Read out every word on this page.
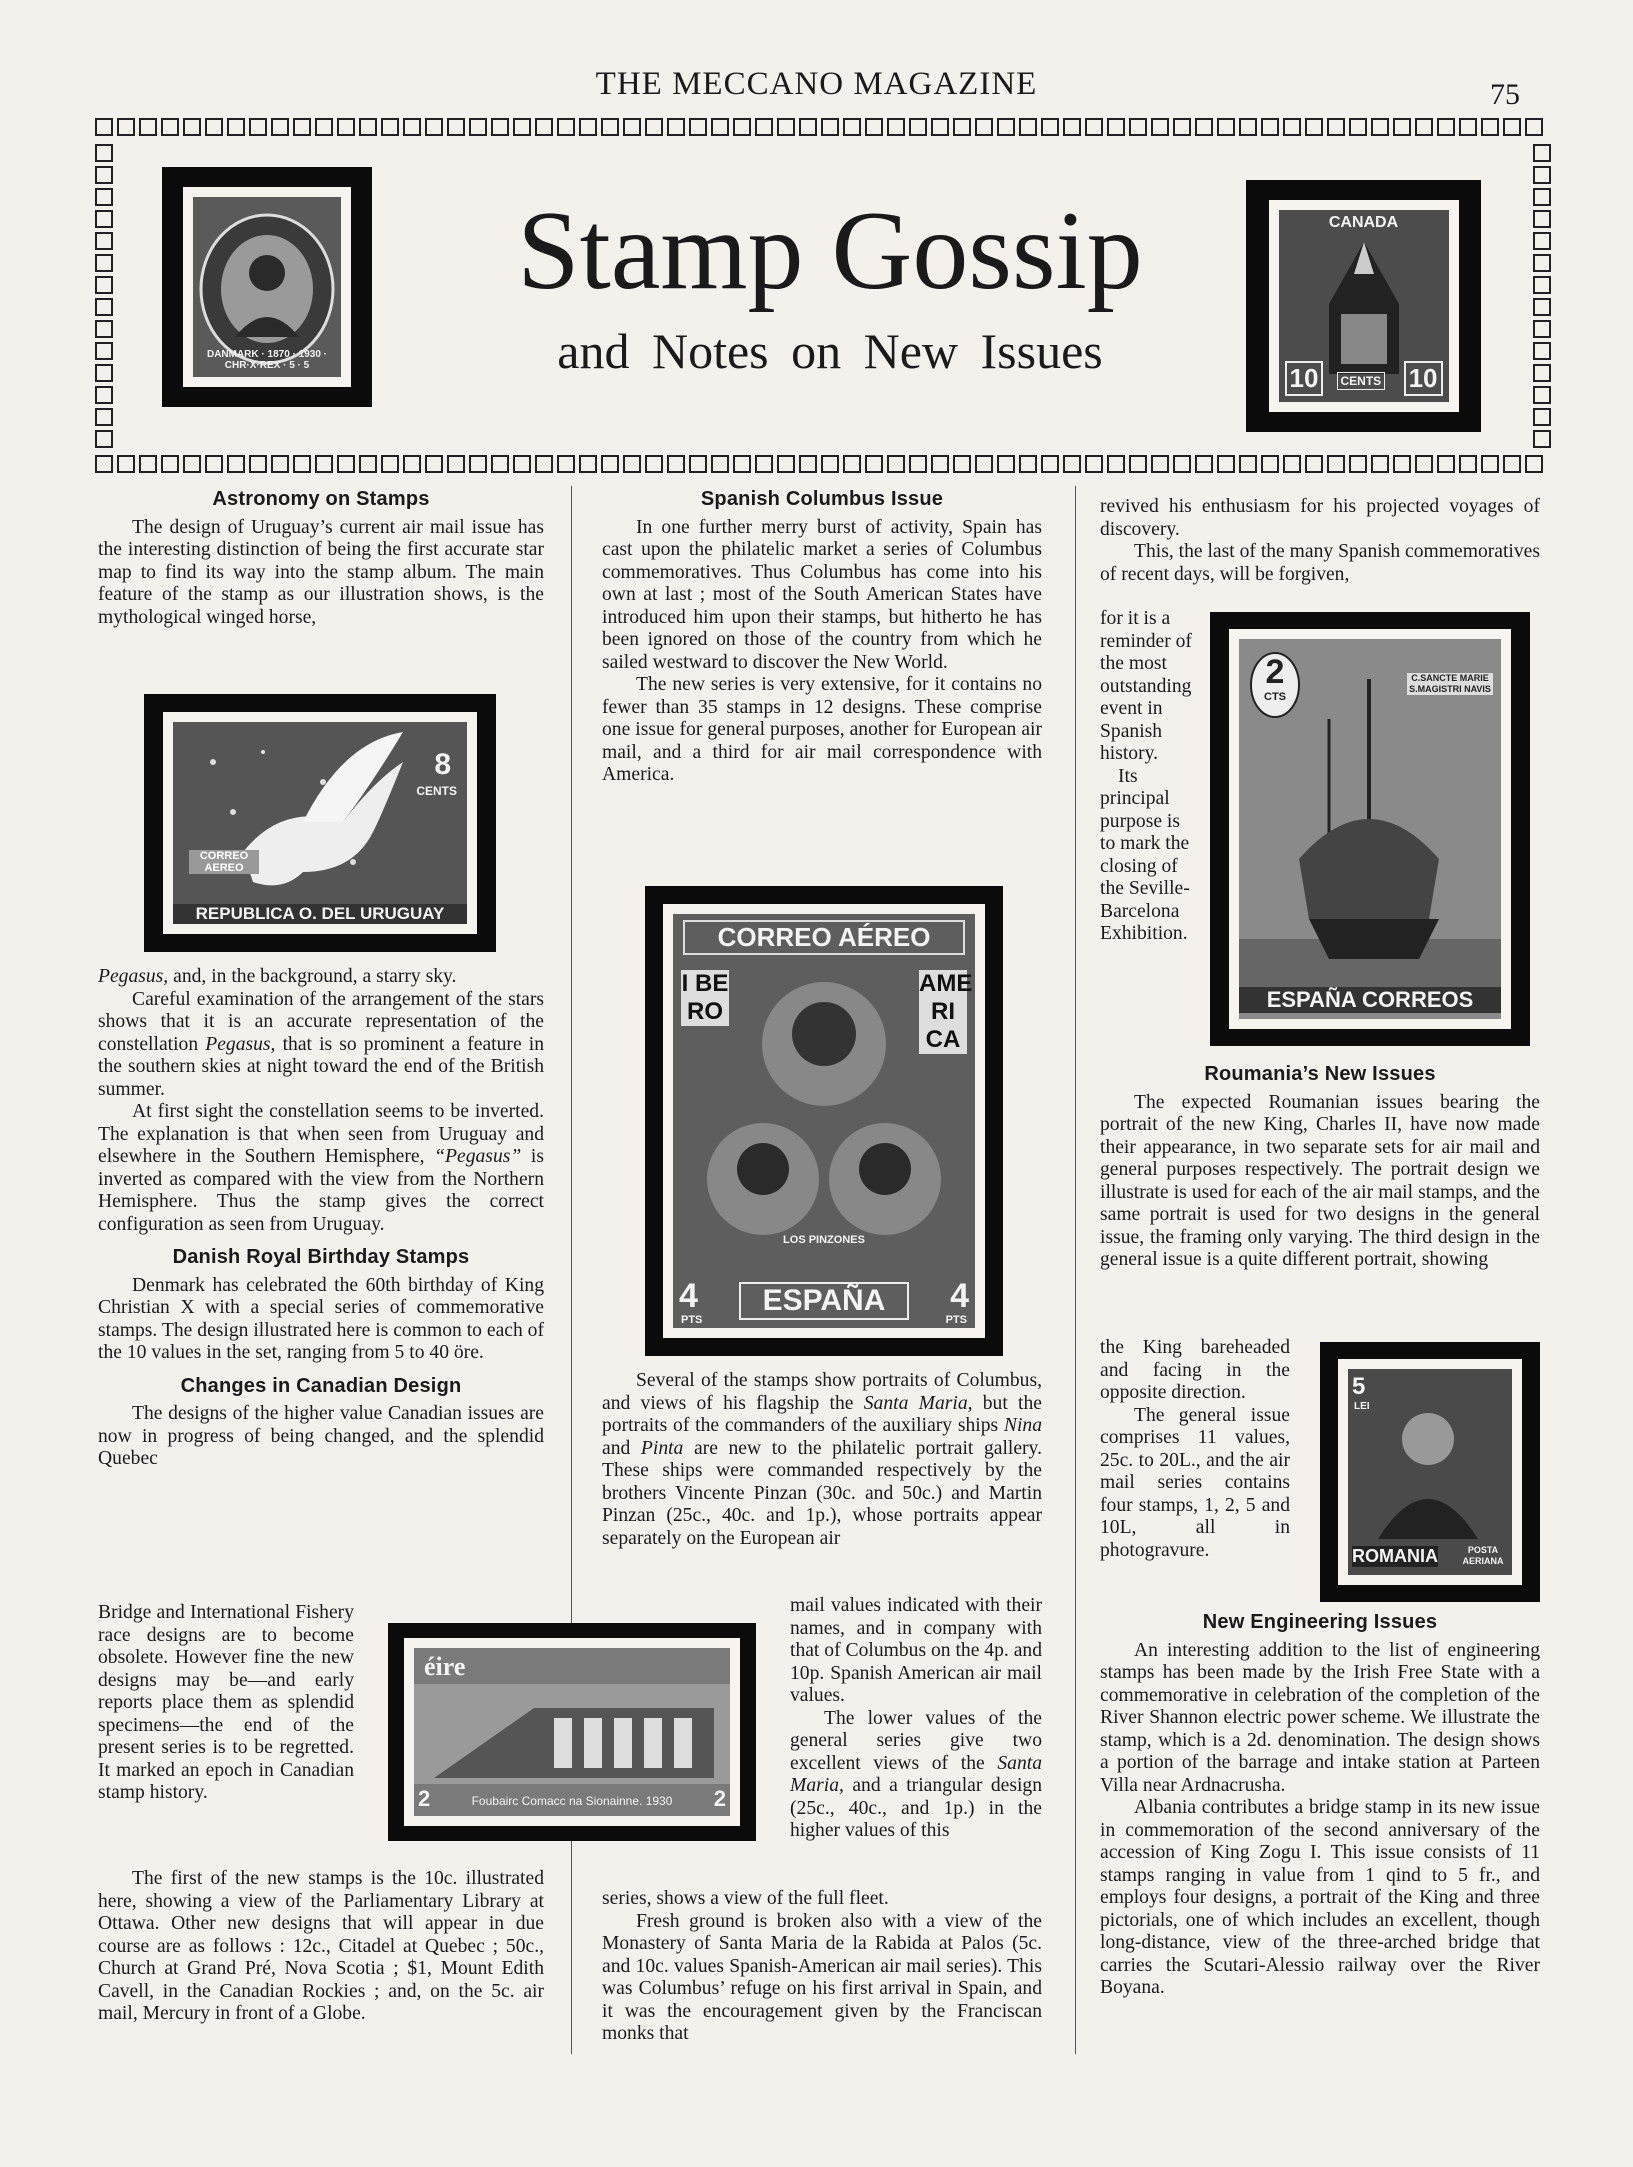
THE MECCANO MAGAZINE	75
DANMARK · 1870 · 1930 · CHR·X·REX · 5 · 5
CANADA
10	CENTS 10
Stamp Gossip
and Notes on New Issues
Astronomy on Stamps

The design of Uruguay’s current air mail issue has the interesting distinction of being the first accurate star map to find its way into the stamp album. The main feature of the stamp as our illustration shows, is the mythological winged horse,

8
CENTS
CORREO AEREO
REPUBLICA O. DEL URUGUAY

Pegasus, and, in the background, a starry sky.

Careful examination of the arrangement of the stars shows that it is an accurate representation of the constellation Pegasus, that is so prominent a feature in the southern skies at night toward the end of the British summer.

At first sight the constellation seems to be inverted. The explanation is that when seen from Uruguay and elsewhere in the Southern Hemisphere, “Pegasus” is inverted as compared with the view from the Northern Hemisphere. Thus the stamp gives the correct configuration as seen from Uruguay.

Danish Royal Birthday Stamps

Denmark has celebrated the 60th birthday of King Christian X with a special series of commemorative stamps. The design illustrated here is common to each of the 10 values in the set, ranging from 5 to 40 öre.

Changes in Canadian Design

The designs of the higher value Canadian issues are now in progress of being changed, and the splendid Quebec

Bridge and International Fishery race designs are to become obsolete. However fine the new designs may be—and early reports place them as splendid specimens—the end of the present series is to be regretted. It marked an epoch in Canadian stamp history.

The first of the new stamps is the 10c. illustrated here, showing a view of the Parliamentary Library at Ottawa. Other new designs that will appear in due course are as follows : 12c., Citadel at Quebec ; 50c., Church at Grand Pré, Nova Scotia ; $1, Mount Edith Cavell, in the Canadian Rockies ; and, on the 5c. air mail, Mercury in front of a Globe.

éire
2	Foubairc Comacc na Sionainne. 1930	2
Spanish Columbus Issue

In one further merry burst of activity, Spain has cast upon the philatelic market a series of Columbus commemoratives. Thus Columbus has come into his own at last ; most of the South American States have introduced him upon their stamps, but hitherto he has been ignored on those of the country from which he sailed westward to discover the New World.

The new series is very extensive, for it contains no fewer than 35 stamps in 12 designs. These comprise one issue for general purposes, another for European air mail, and a third for air mail correspondence with America.

CORREO AÉREO
I BE RO
AME RI CA
LOS PINZONES
4
PTS
ESPAÑA	4
PTS

Several of the stamps show portraits of Columbus, and views of his flagship the Santa Maria, but the portraits of the commanders of the auxiliary ships Nina and Pinta are new to the philatelic portrait gallery. These ships were commanded respectively by the brothers Vincente Pinzan (30c. and 50c.) and Martin Pinzan (25c., 40c. and 1p.), whose portraits appear separately on the European air

mail values indicated with their names, and in company with that of Columbus on the 4p. and 10p. Spanish American air mail values.

The lower values of the general series give two excellent views of the Santa Maria, and a triangular design (25c., 40c., and 1p.) in the higher values of this

series, shows a view of the full fleet.

Fresh ground is broken also with a view of the Monastery of Santa Maria de la Rabida at Palos (5c. and 10c. values Spanish-American air mail series). This was Columbus’ refuge on his first arrival in Spain, and it was the encouragement given by the Franciscan monks that

revived his enthusiasm for his projected voyages of discovery.

This, the last of the many Spanish commemoratives of recent days, will be forgiven,

for it is a reminder of the most outstanding event in Spanish history.

Its principal purpose is to mark the closing of the Seville-Barcelona Exhibition.

2
CTS
C.SANCTE MARIE S.MAGISTRI NAVIS
ESPAÑA CORREOS
Roumania’s New Issues

The expected Roumanian issues bearing the portrait of the new King, Charles II, have now made their appearance, in two separate sets for air mail and general purposes respectively. The portrait design we illustrate is used for each of the air mail stamps, and the same portrait is used for two designs in the general issue, the framing only varying. The third design in the general issue is a quite different portrait, showing

the King bareheaded and facing in the opposite direction.

The general issue comprises 11 values, 25c. to 20L., and the air mail series contains four stamps, 1, 2, 5 and 10L, all in photogravure.

5
LEI
ROMANIA	POSTA AERIANA
New Engineering Issues

An interesting addition to the list of engineering stamps has been made by the Irish Free State with a commemorative in celebration of the completion of the River Shannon electric power scheme. We illustrate the stamp, which is a 2d. denomination. The design shows a portion of the barrage and intake station at Parteen Villa near Ardnacrusha.

Albania contributes a bridge stamp in its new issue in commemoration of the second anniversary of the accession of King Zogu I. This issue consists of 11 stamps ranging in value from 1 qind to 5 fr., and employs four designs, a portrait of the King and three pictorials, one of which includes an excellent, though long-distance, view of the three-arched bridge that carries the Scutari-Alessio railway over the River Boyana.
